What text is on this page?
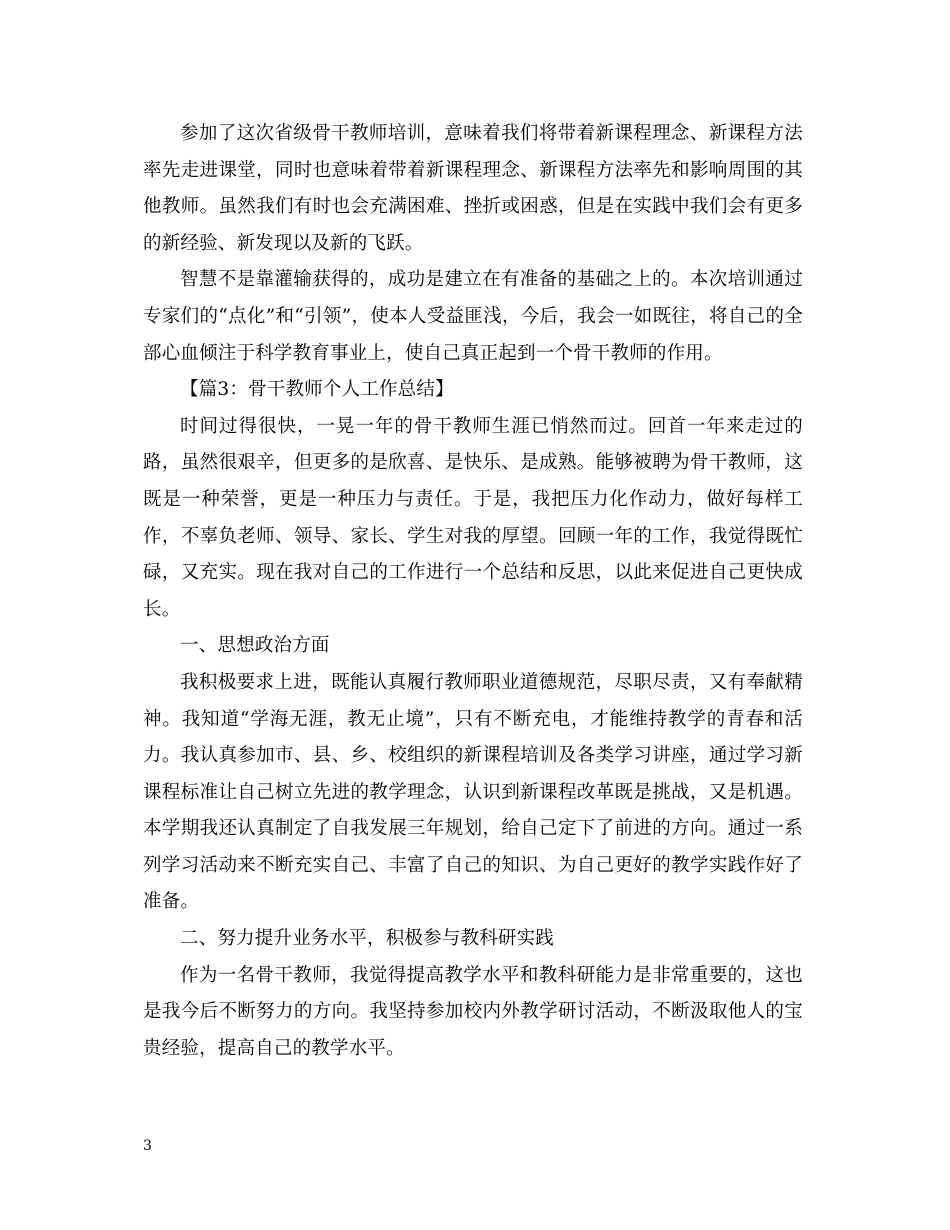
参加了这次省级骨干教师培训，意味着我们将带着新课程理念、新课程方法率先走进课堂，同时也意味着带着新课程理念、新课程方法率先和影响周围的其他教师。虽然我们有时也会充满困难、挫折或困惑，但是在实践中我们会有更多的新经验、新发现以及新的飞跃。

智慧不是靠灌输获得的，成功是建立在有准备的基础之上的。本次培训通过专家们的“点化”和“引领”，使本人受益匪浅，今后，我会一如既往，将自己的全部心血倾注于科学教育事业上，使自己真正起到一个骨干教师的作用。

【篇3：骨干教师个人工作总结】

时间过得很快，一晃一年的骨干教师生涯已悄然而过。回首一年来走过的路，虽然很艰辛，但更多的是欣喜、是快乐、是成熟。能够被聘为骨干教师，这既是一种荣誉，更是一种压力与责任。于是，我把压力化作动力，做好每样工作，不辜负老师、领导、家长、学生对我的厚望。回顾一年的工作，我觉得既忙碌，又充实。现在我对自己的工作进行一个总结和反思，以此来促进自己更快成长。

一、思想政治方面

我积极要求上进，既能认真履行教师职业道德规范，尽职尽责，又有奉献精神。我知道“学海无涯，教无止境”，只有不断充电，才能维持教学的青春和活力。我认真参加市、县、乡、校组织的新课程培训及各类学习讲座，通过学习新课程标准让自己树立先进的教学理念，认识到新课程改革既是挑战，又是机遇。本学期我还认真制定了自我发展三年规划，给自己定下了前进的方向。通过一系列学习活动来不断充实自己、丰富了自己的知识、为自己更好的教学实践作好了准备。

二、努力提升业务水平，积极参与教科研实践

作为一名骨干教师，我觉得提高教学水平和教科研能力是非常重要的，这也是我今后不断努力的方向。我坚持参加校内外教学研讨活动，不断汲取他人的宝贵经验，提高自己的教学水平。

3
